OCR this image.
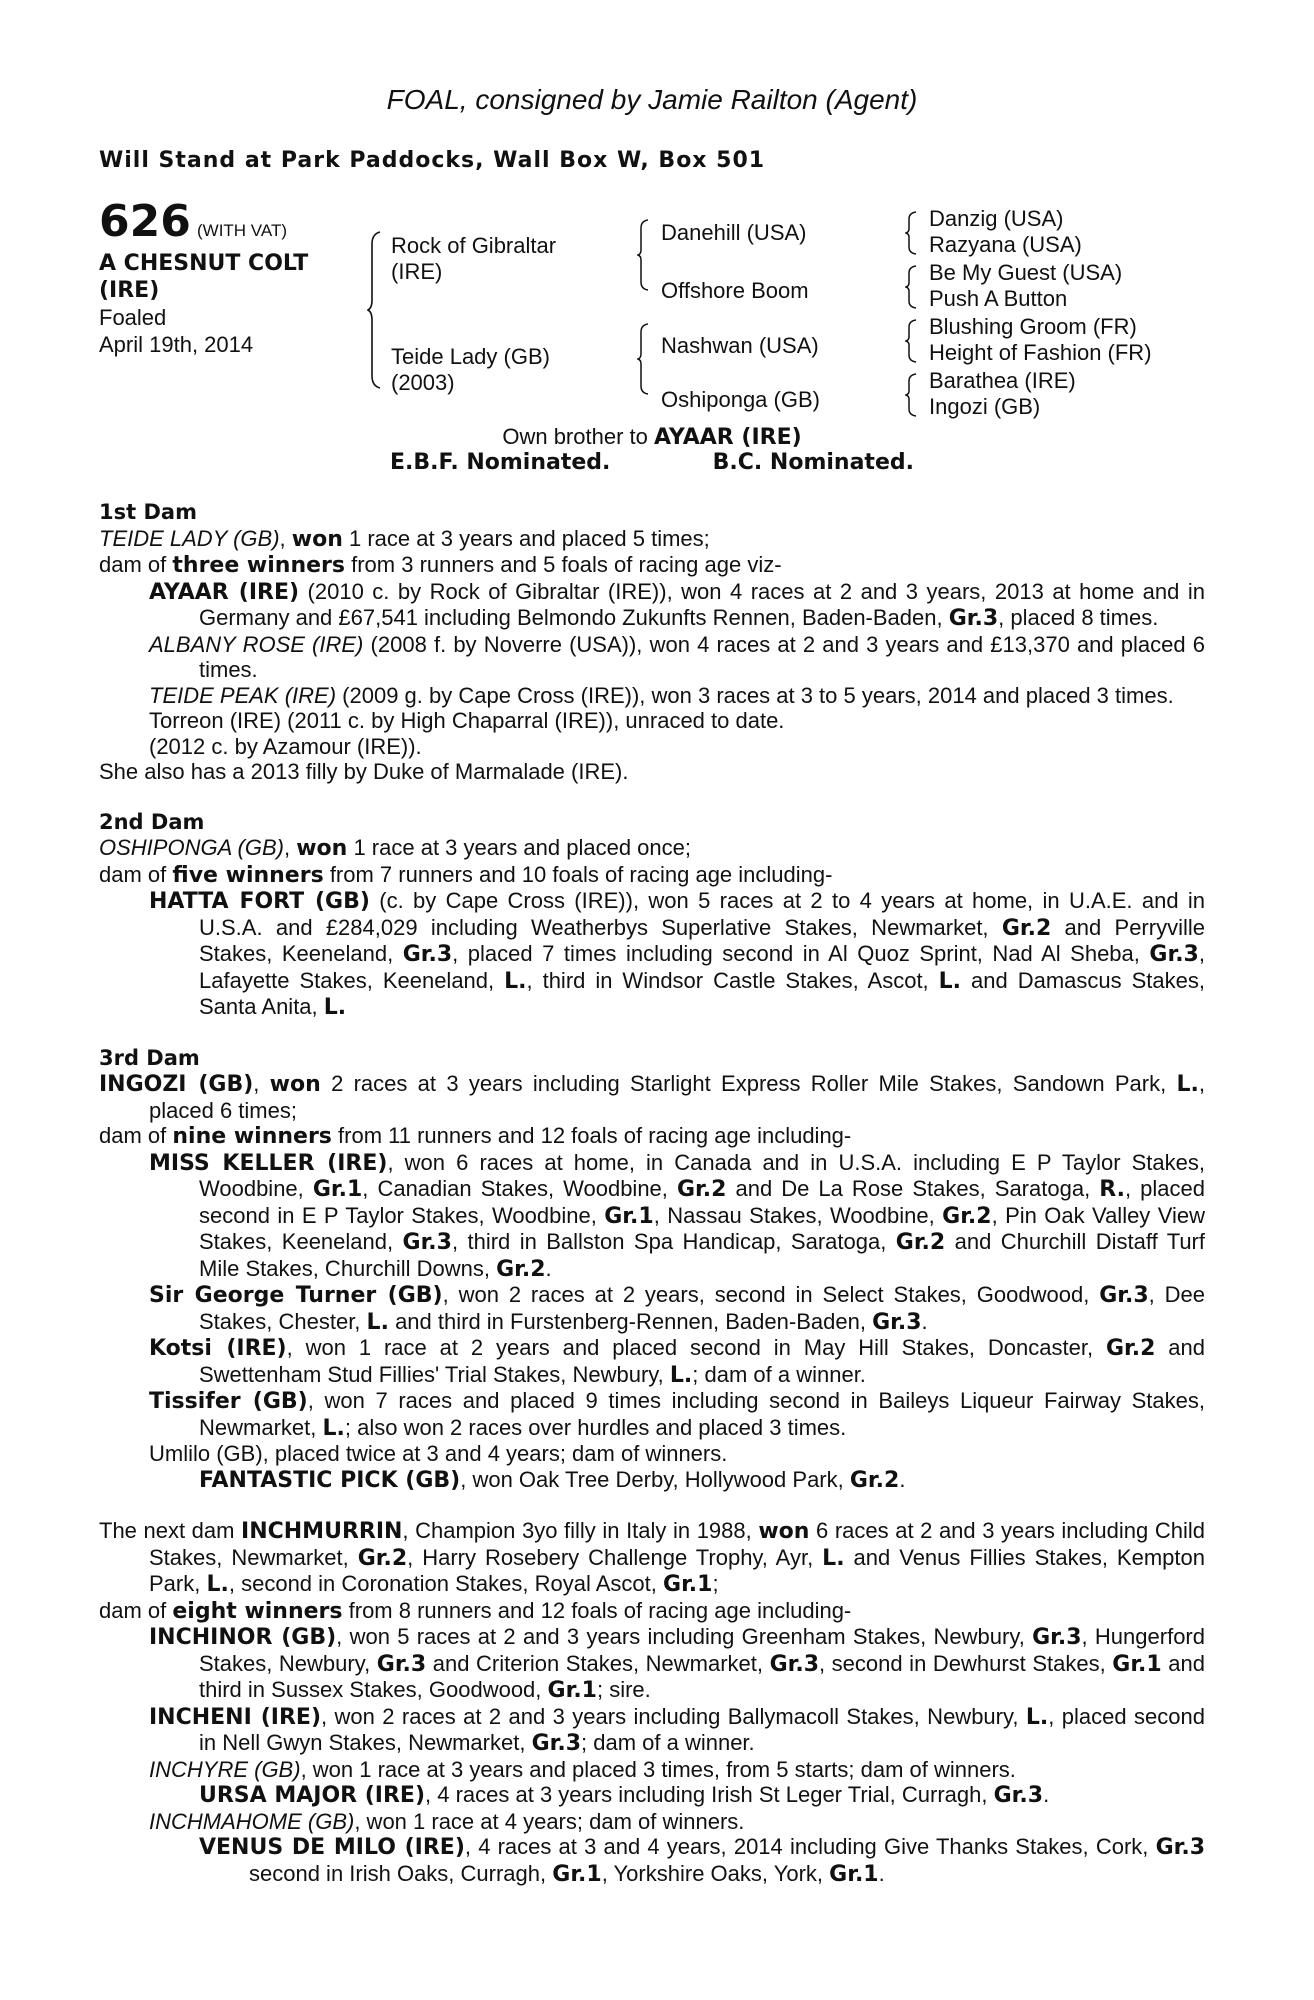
FOAL, consigned by Jamie Railton (Agent)
Will Stand at Park Paddocks, Wall Box W, Box 501
626 (WITH VAT)
A CHESNUT COLT
(IRE)
Foaled
April 19th, 2014
Rock of Gibraltar
(IRE)
Teide Lady (GB)
(2003)
Danehill (USA)
Offshore Boom
Nashwan (USA)
Oshiponga (GB)
Danzig (USA)
Razyana (USA)
Be My Guest (USA)
Push A Button
Blushing Groom (FR)
Height of Fashion (FR)
Barathea (IRE)
Ingozi (GB)
Own brother to AYAAR (IRE)
E.B.F. Nominated.	B.C. Nominated.
1st Dam
TEIDE LADY (GB), won 1 race at 3 years and placed 5 times;
dam of three winners from 3 runners and 5 foals of racing age viz-
AYAAR (IRE) (2010 c. by Rock of Gibraltar (IRE)), won 4 races at 2 and 3 years, 2013 at home and in Germany and £67,541 including Belmondo Zukunfts Rennen, Baden-Baden, Gr.3, placed 8 times.
ALBANY ROSE (IRE) (2008 f. by Noverre (USA)), won 4 races at 2 and 3 years and £13,370 and placed 6 times.
TEIDE PEAK (IRE) (2009 g. by Cape Cross (IRE)), won 3 races at 3 to 5 years, 2014 and placed 3 times.
Torreon (IRE) (2011 c. by High Chaparral (IRE)), unraced to date.
(2012 c. by Azamour (IRE)).
She also has a 2013 filly by Duke of Marmalade (IRE).
2nd Dam
OSHIPONGA (GB), won 1 race at 3 years and placed once;
dam of five winners from 7 runners and 10 foals of racing age including-
HATTA FORT (GB) (c. by Cape Cross (IRE)), won 5 races at 2 to 4 years at home, in U.A.E. and in U.S.A. and £284,029 including Weatherbys Superlative Stakes, Newmarket, Gr.2 and Perryville Stakes, Keeneland, Gr.3, placed 7 times including second in Al Quoz Sprint, Nad Al Sheba, Gr.3, Lafayette Stakes, Keeneland, L., third in Windsor Castle Stakes, Ascot, L. and Damascus Stakes, Santa Anita, L.
3rd Dam
INGOZI (GB), won 2 races at 3 years including Starlight Express Roller Mile Stakes, Sandown Park, L., placed 6 times;
dam of nine winners from 11 runners and 12 foals of racing age including-
MISS KELLER (IRE), won 6 races at home, in Canada and in U.S.A. including E P Taylor Stakes, Woodbine, Gr.1, Canadian Stakes, Woodbine, Gr.2 and De La Rose Stakes, Saratoga, R., placed second in E P Taylor Stakes, Woodbine, Gr.1, Nassau Stakes, Woodbine, Gr.2, Pin Oak Valley View Stakes, Keeneland, Gr.3, third in Ballston Spa Handicap, Saratoga, Gr.2 and Churchill Distaff Turf Mile Stakes, Churchill Downs, Gr.2.
Sir George Turner (GB), won 2 races at 2 years, second in Select Stakes, Goodwood, Gr.3, Dee Stakes, Chester, L. and third in Furstenberg-Rennen, Baden-Baden, Gr.3.
Kotsi (IRE), won 1 race at 2 years and placed second in May Hill Stakes, Doncaster, Gr.2 and Swettenham Stud Fillies' Trial Stakes, Newbury, L.; dam of a winner.
Tissifer (GB), won 7 races and placed 9 times including second in Baileys Liqueur Fairway Stakes, Newmarket, L.; also won 2 races over hurdles and placed 3 times.
Umlilo (GB), placed twice at 3 and 4 years; dam of winners.
FANTASTIC PICK (GB), won Oak Tree Derby, Hollywood Park, Gr.2.
The next dam INCHMURRIN, Champion 3yo filly in Italy in 1988, won 6 races at 2 and 3 years including Child Stakes, Newmarket, Gr.2, Harry Rosebery Challenge Trophy, Ayr, L. and Venus Fillies Stakes, Kempton Park, L., second in Coronation Stakes, Royal Ascot, Gr.1;
dam of eight winners from 8 runners and 12 foals of racing age including-
INCHINOR (GB), won 5 races at 2 and 3 years including Greenham Stakes, Newbury, Gr.3, Hungerford Stakes, Newbury, Gr.3 and Criterion Stakes, Newmarket, Gr.3, second in Dewhurst Stakes, Gr.1 and third in Sussex Stakes, Goodwood, Gr.1; sire.
INCHENI (IRE), won 2 races at 2 and 3 years including Ballymacoll Stakes, Newbury, L., placed second in Nell Gwyn Stakes, Newmarket, Gr.3; dam of a winner.
INCHYRE (GB), won 1 race at 3 years and placed 3 times, from 5 starts; dam of winners.
URSA MAJOR (IRE), 4 races at 3 years including Irish St Leger Trial, Curragh, Gr.3.
INCHMAHOME (GB), won 1 race at 4 years; dam of winners.
VENUS DE MILO (IRE), 4 races at 3 and 4 years, 2014 including Give Thanks Stakes, Cork, Gr.3 second in Irish Oaks, Curragh, Gr.1, Yorkshire Oaks, York, Gr.1.
